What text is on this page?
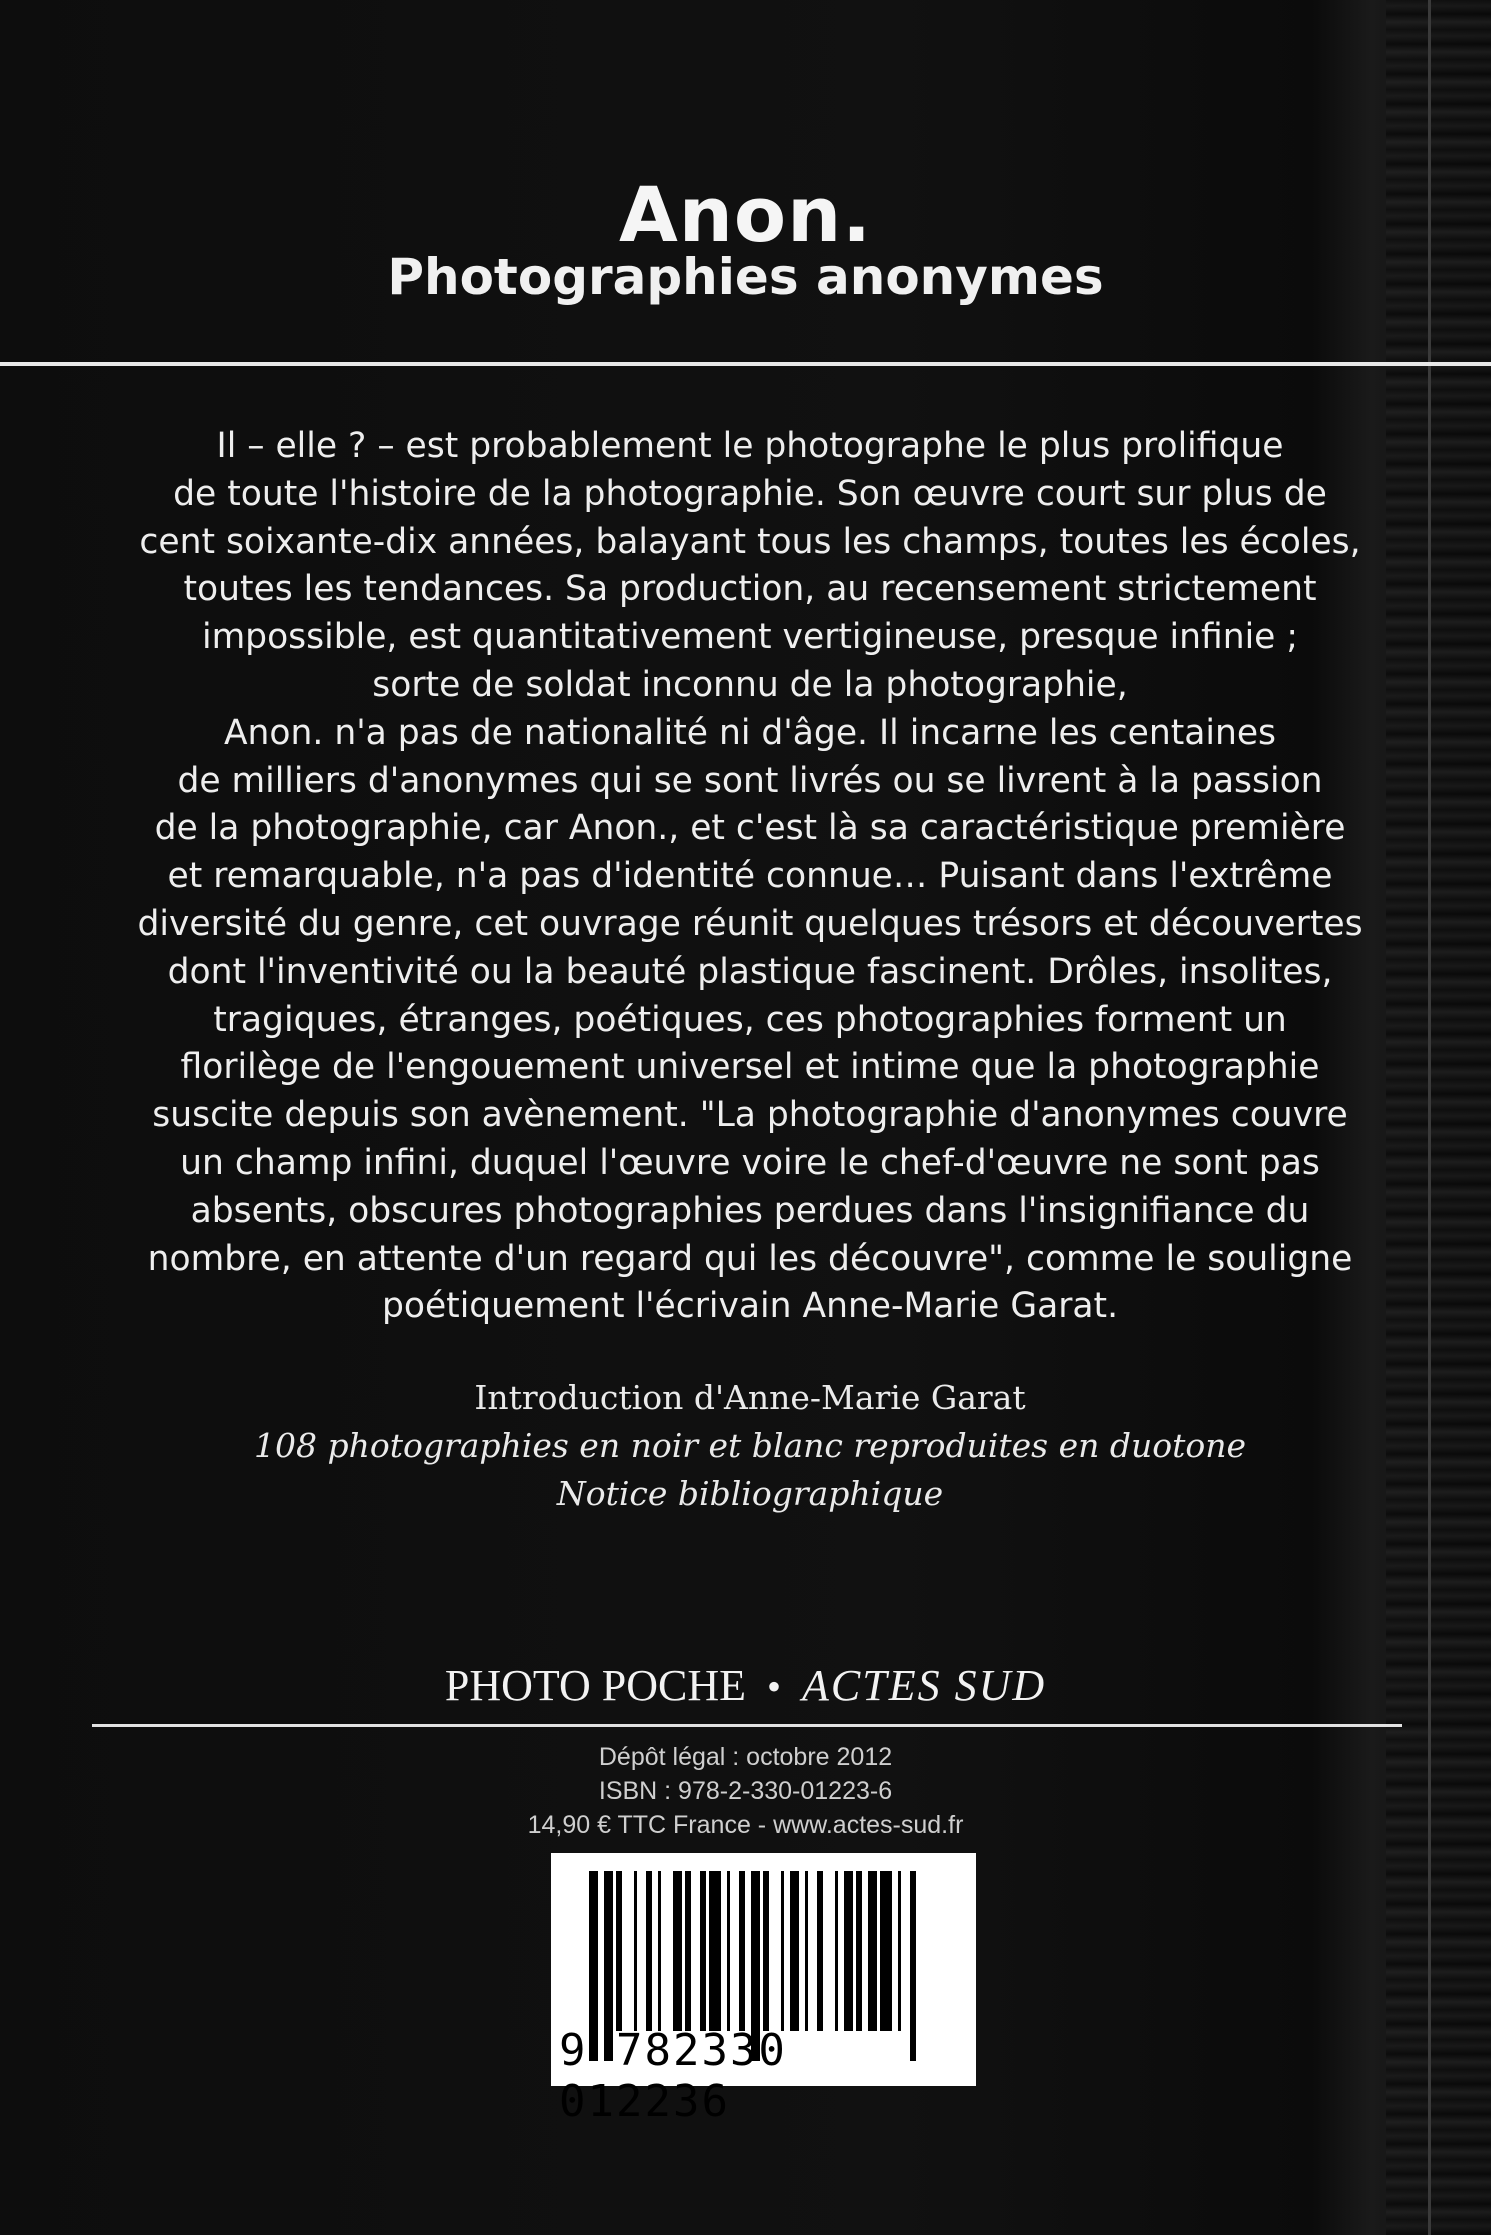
Anon.
Photographies anonymes
Il – elle ? – est probablement le photographe le plus prolifique
de toute l'histoire de la photographie. Son œuvre court sur plus de
cent soixante-dix années, balayant tous les champs, toutes les écoles,
toutes les tendances. Sa production, au recensement strictement
impossible, est quantitativement vertigineuse, presque infinie ;
sorte de soldat inconnu de la photographie,
Anon. n'a pas de nationalité ni d'âge. Il incarne les centaines
de milliers d'anonymes qui se sont livrés ou se livrent à la passion
de la photographie, car Anon., et c'est là sa caractéristique première
et remarquable, n'a pas d'identité connue… Puisant dans l'extrême
diversité du genre, cet ouvrage réunit quelques trésors et découvertes
dont l'inventivité ou la beauté plastique fascinent. Drôles, insolites,
tragiques, étranges, poétiques, ces photographies forment un
florilège de l'engouement universel et intime que la photographie
suscite depuis son avènement. "La photographie d'anonymes couvre
un champ infini, duquel l'œuvre voire le chef-d'œuvre ne sont pas
absents, obscures photographies perdues dans l'insignifiance du
nombre, en attente d'un regard qui les découvre", comme le souligne
poétiquement l'écrivain Anne-Marie Garat.
Introduction d'Anne-Marie Garat
108 photographies en noir et blanc reproduites en duotone
Notice bibliographique
PHOTO POCHE • ACTES SUD
Dépôt légal : octobre 2012
ISBN : 978-2-330-01223-6
14,90 € TTC France - www.actes-sud.fr
9 782330 012236
